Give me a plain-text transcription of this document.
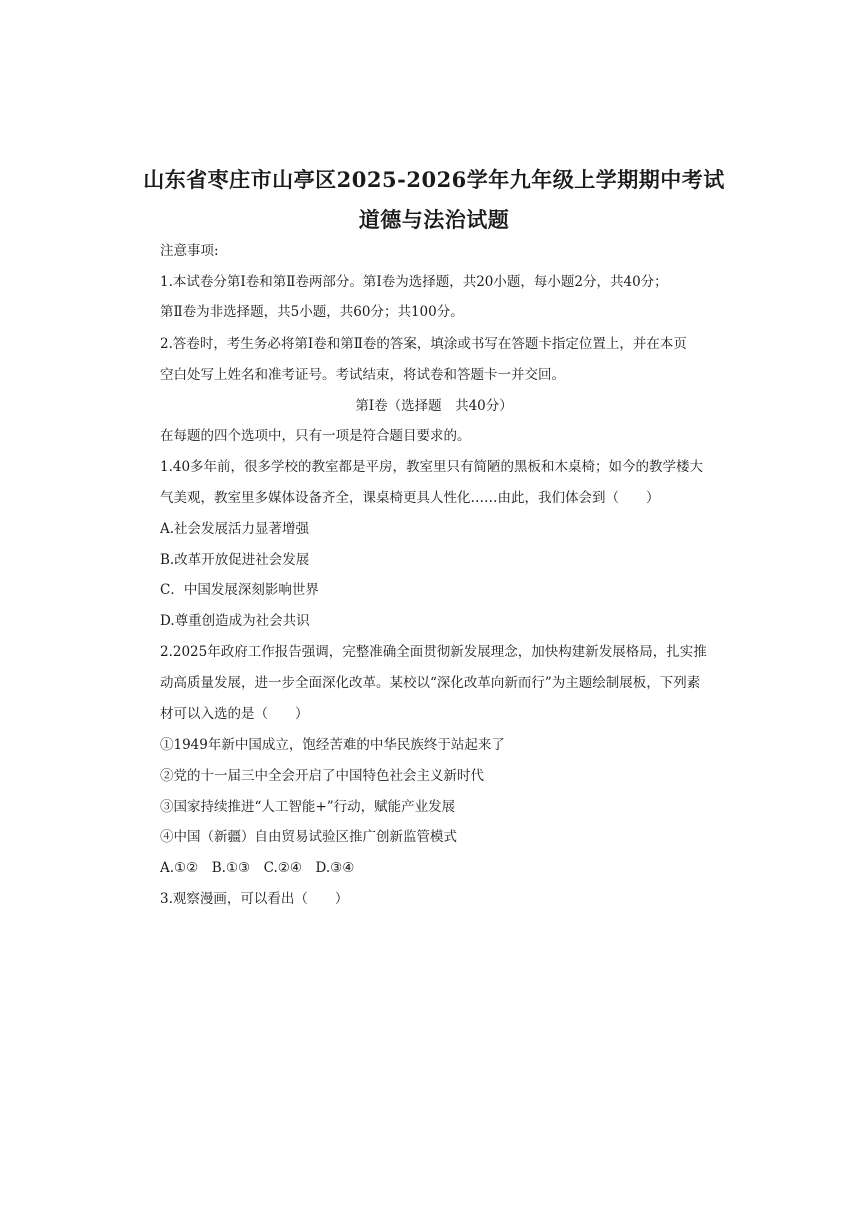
山东省枣庄市山亭区2025-2026学年九年级上学期期中考试
道德与法治试题
注意事项:
1.本试卷分第Ⅰ卷和第Ⅱ卷两部分。第Ⅰ卷为选择题，共20小题，每小题2分，共40分；
第Ⅱ卷为非选择题，共5小题，共60分；共100分。
2.答卷时，考生务必将第Ⅰ卷和第Ⅱ卷的答案，填涂或书写在答题卡指定位置上，并在本页
空白处写上姓名和准考证号。考试结束，将试卷和答题卡一并交回。
第Ⅰ卷（选择题　共40分）
在每题的四个选项中，只有一项是符合题目要求的。
1.40多年前，很多学校的教室都是平房，教室里只有简陋的黑板和木桌椅；如今的教学楼大
气美观，教室里多媒体设备齐全，课桌椅更具人性化……由此，我们体会到（　　）
A.社会发展活力显著增强
B.改革开放促进社会发展
C．中国发展深刻影响世界
D.尊重创造成为社会共识
2.2025年政府工作报告强调，完整准确全面贯彻新发展理念，加快构建新发展格局，扎实推
动高质量发展，进一步全面深化改革。某校以“深化改革向新而行”为主题绘制展板，下列素
材可以入选的是（　　）
①1949年新中国成立，饱经苦难的中华民族终于站起来了
②党的十一届三中全会开启了中国特色社会主义新时代
③国家持续推进“人工智能+”行动，赋能产业发展
④中国（新疆）自由贸易试验区推广创新监管模式
A.①②　B.①③　C.②④　D.③④
3.观察漫画，可以看出（　　）
